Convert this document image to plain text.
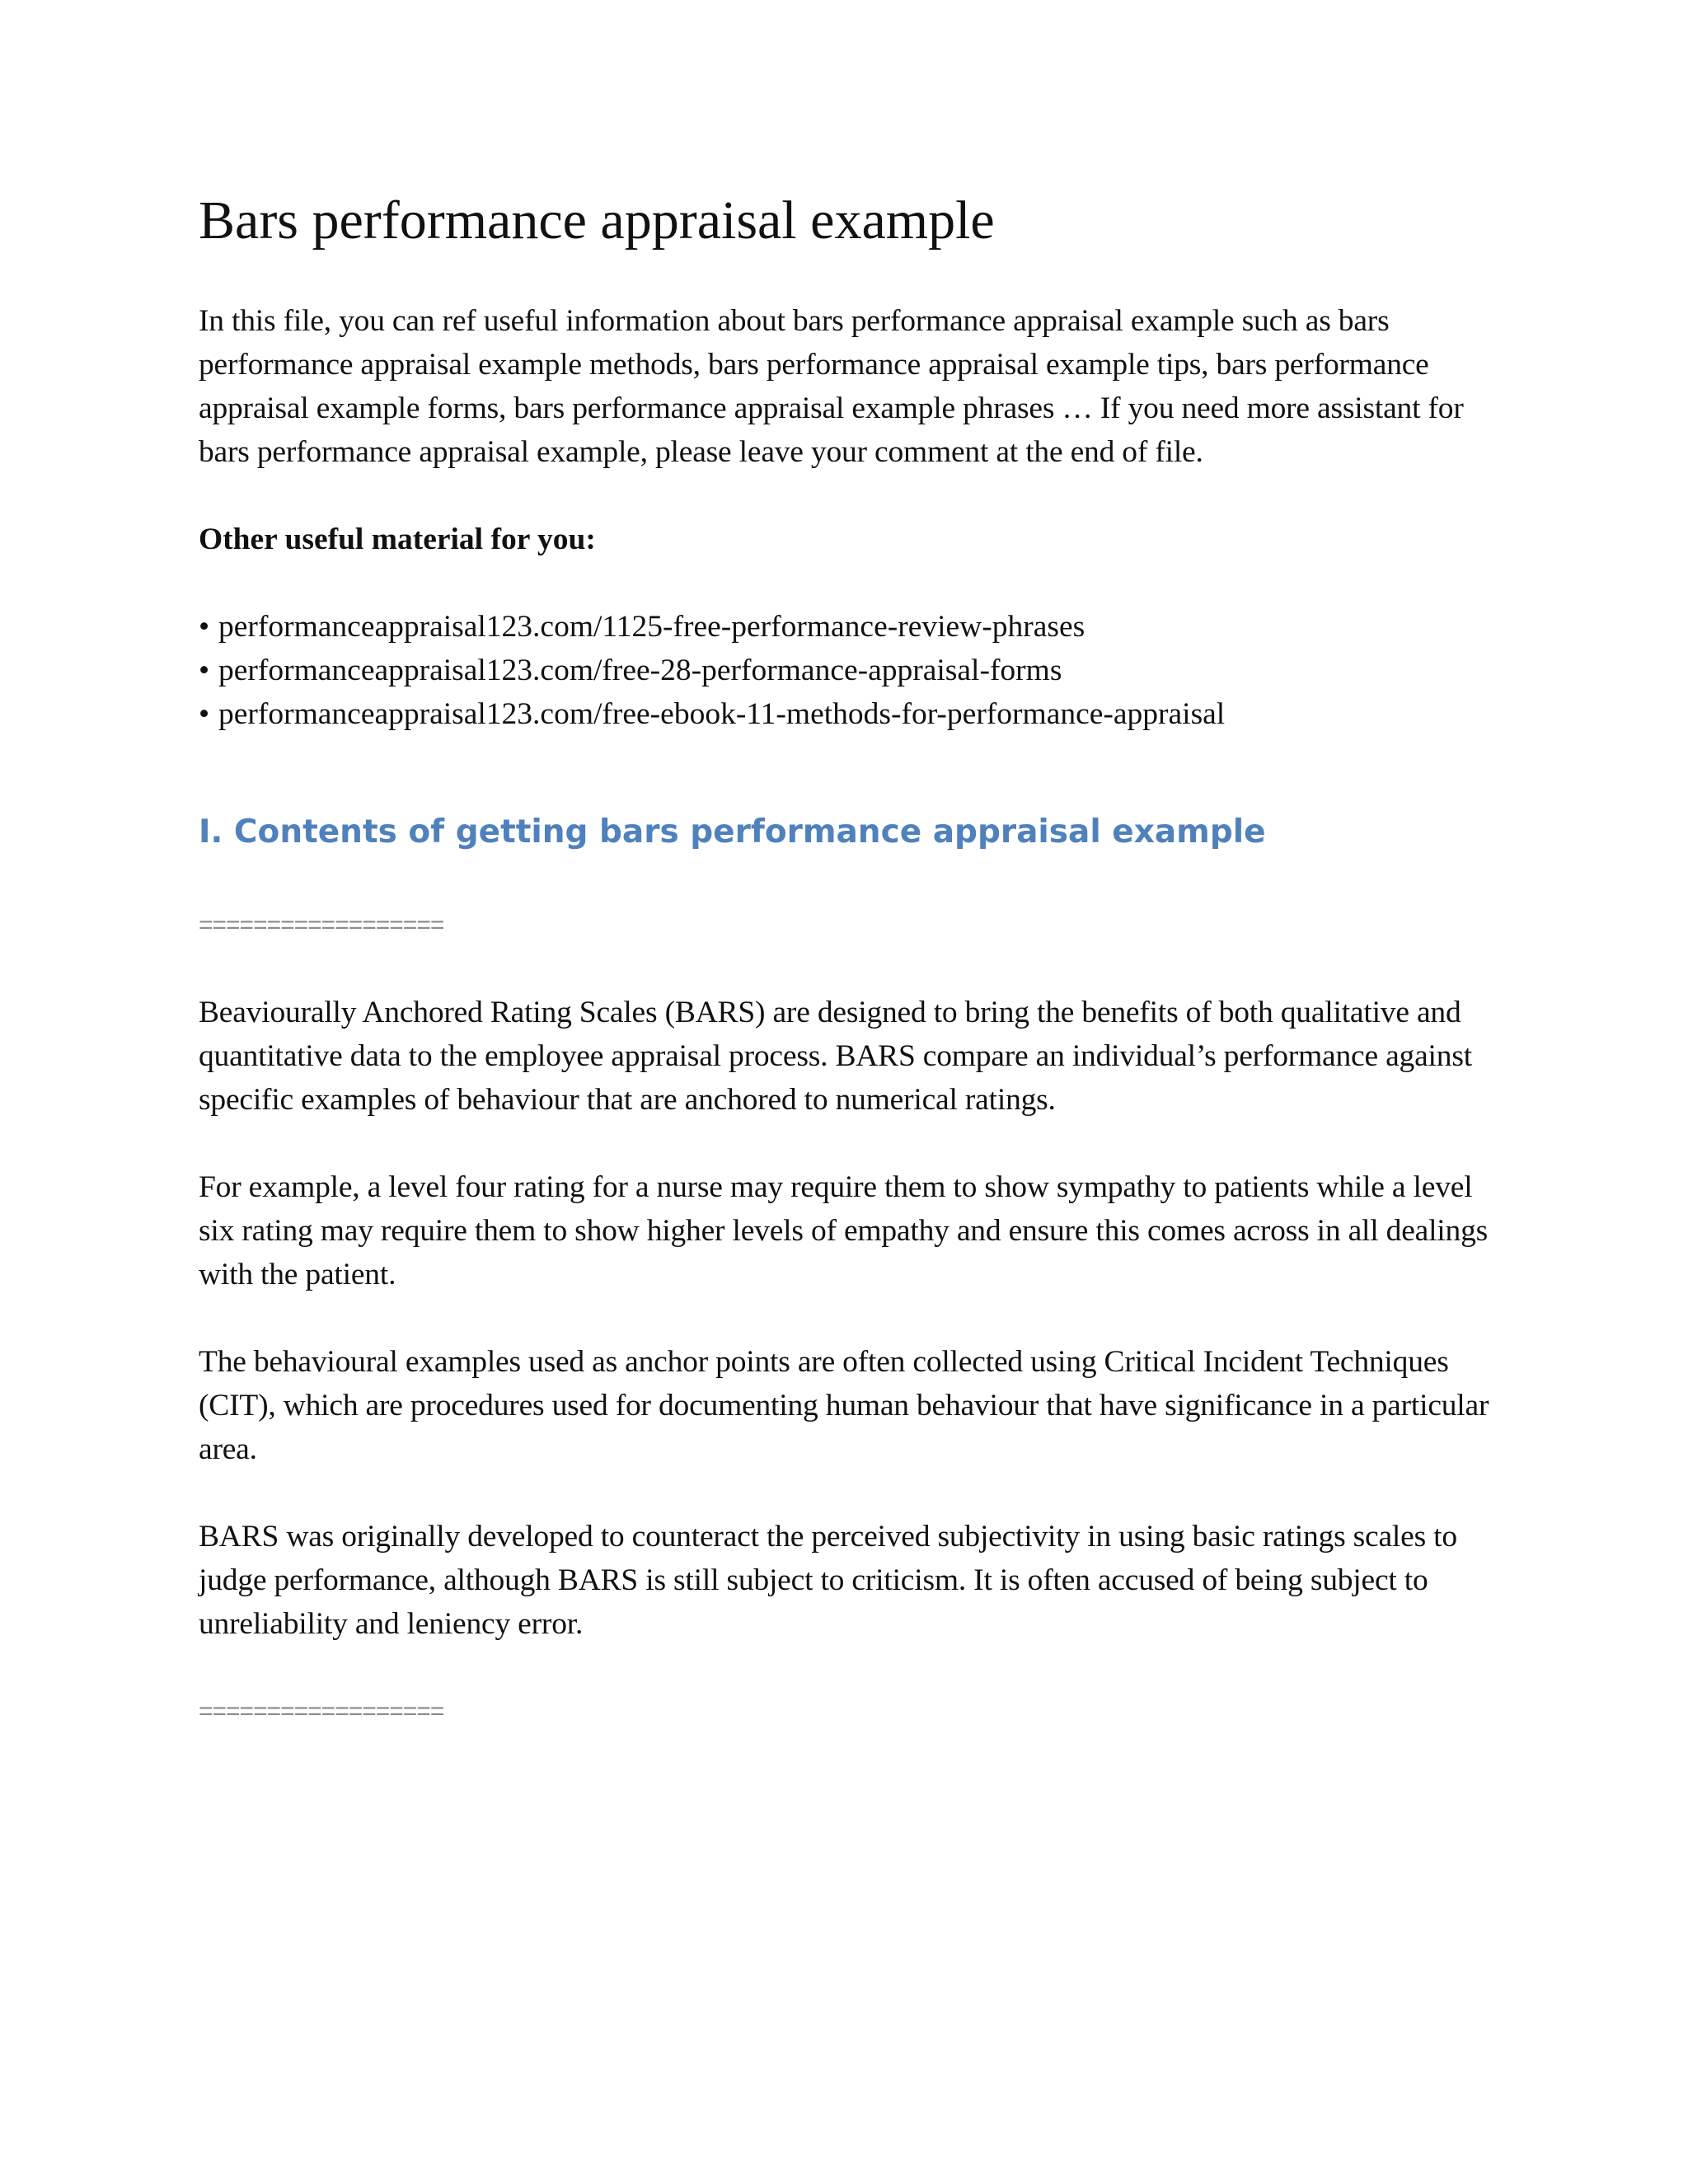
Bars performance appraisal example

In this file, you can ref useful information about bars performance appraisal example such as bars performance appraisal example methods, bars performance appraisal example tips, bars performance appraisal example forms, bars performance appraisal example phrases … If you need more assistant for bars performance appraisal example, please leave your comment at the end of file.

Other useful material for you:

• performanceappraisal123.com/1125-free-performance-review-phrases
• performanceappraisal123.com/free-28-performance-appraisal-forms
• performanceappraisal123.com/free-ebook-11-methods-for-performance-appraisal
I. Contents of getting bars performance appraisal example
==================

Beaviourally Anchored Rating Scales (BARS) are designed to bring the benefits of both qualitative and quantitative data to the employee appraisal process. BARS compare an individual’s performance against specific examples of behaviour that are anchored to numerical ratings.

For example, a level four rating for a nurse may require them to show sympathy to patients while a level six rating may require them to show higher levels of empathy and ensure this comes across in all dealings with the patient.

The behavioural examples used as anchor points are often collected using Critical Incident Techniques (CIT), which are procedures used for documenting human behaviour that have significance in a particular area.

BARS was originally developed to counteract the perceived subjectivity in using basic ratings scales to judge performance, although BARS is still subject to criticism. It is often accused of being subject to unreliability and leniency error.

==================
